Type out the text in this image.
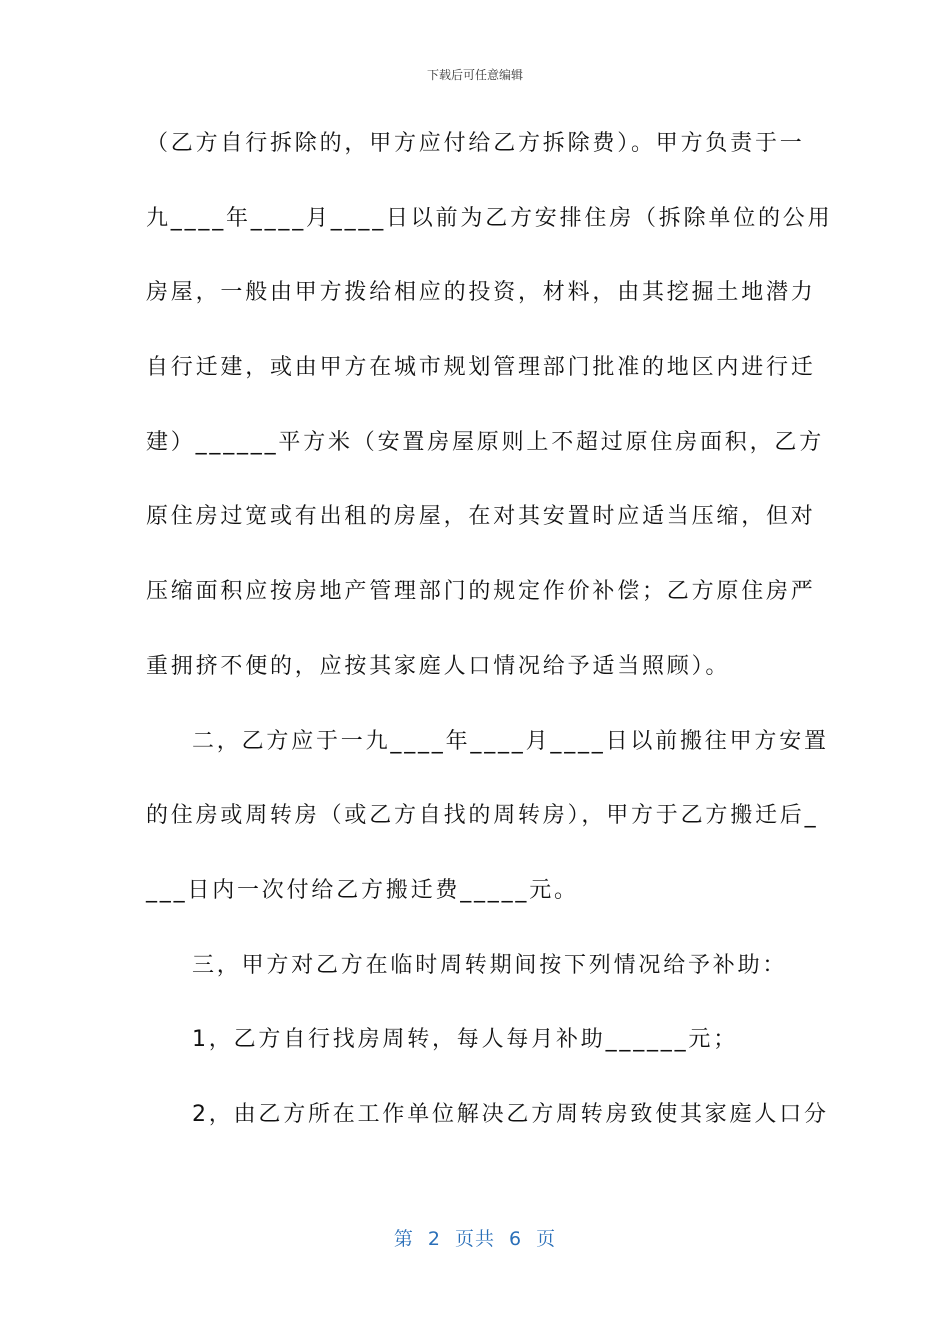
下载后可任意编辑
（乙方自行拆除的，甲方应付给乙方拆除费）。甲方负责于一
九____年____月____日以前为乙方安排住房（拆除单位的公用
房屋，一般由甲方拨给相应的投资，材料，由其挖掘土地潜力
自行迁建，或由甲方在城市规划管理部门批准的地区内进行迁
建）______平方米（安置房屋原则上不超过原住房面积，乙方
原住房过宽或有出租的房屋，在对其安置时应适当压缩，但对
压缩面积应按房地产管理部门的规定作价补偿；乙方原住房严
重拥挤不便的，应按其家庭人口情况给予适当照顾）。
二，乙方应于一九____年____月____日以前搬往甲方安置
的住房或周转房（或乙方自找的周转房），甲方于乙方搬迁后_
___日内一次付给乙方搬迁费_____元。
三，甲方对乙方在临时周转期间按下列情况给予补助：
1，乙方自行找房周转，每人每月补助______元；
2，由乙方所在工作单位解决乙方周转房致使其家庭人口分
第 2 页共 6 页
